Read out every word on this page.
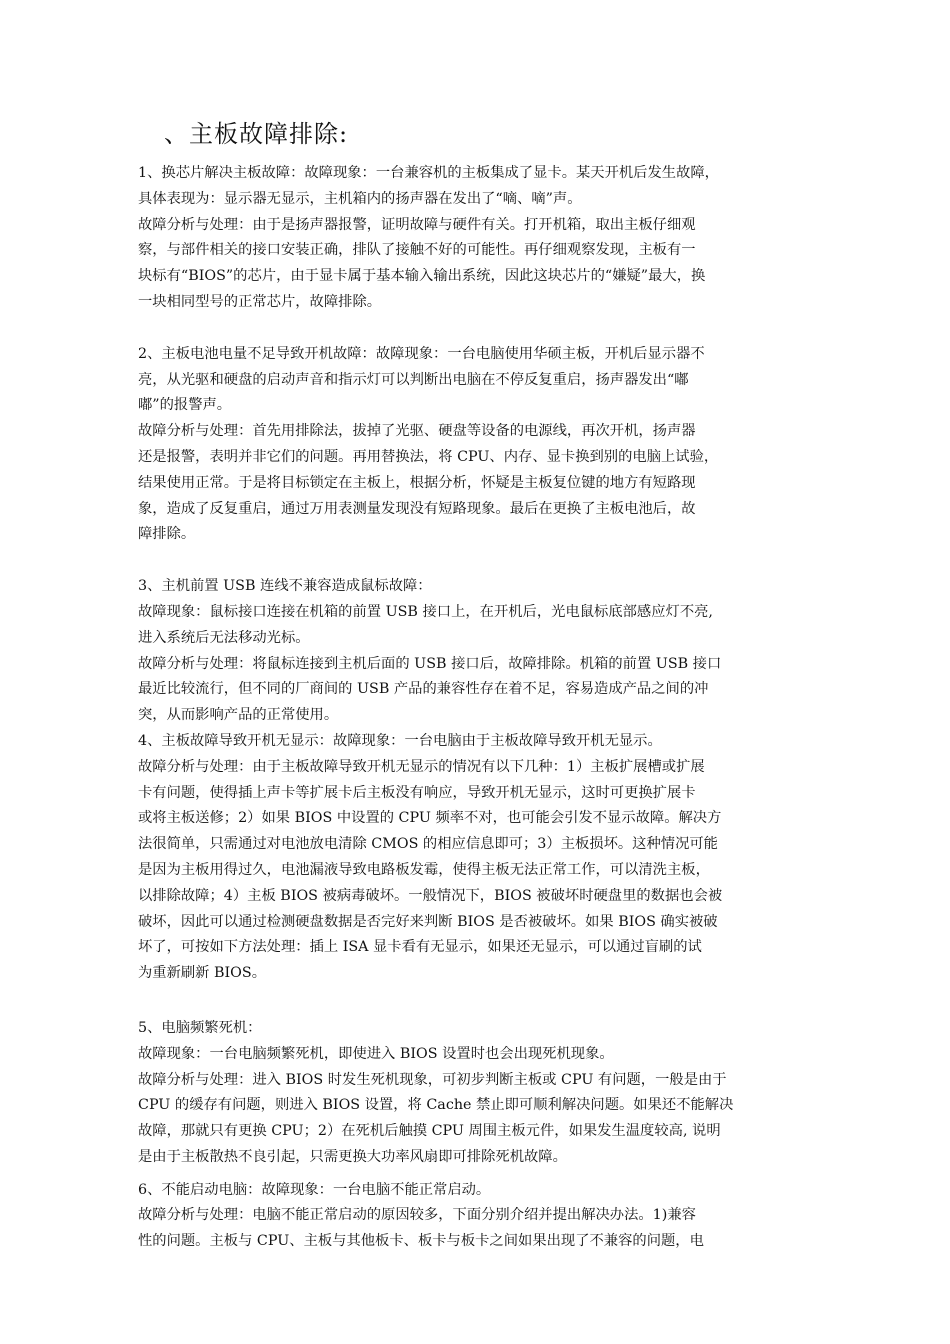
、主板故障排除:
1、换芯片解决主板故障：故障现象：一台兼容机的主板集成了显卡。某天开机后发生故障，
具体表现为：显示器无显示，主机箱内的扬声器在发出了“嘀、嘀”声。
故障分析与处理：由于是扬声器报警，证明故障与硬件有关。打开机箱，取出主板仔细观
察，与部件相关的接口安装正确，排队了接触不好的可能性。再仔细观察发现，主板有一
块标有“BIOS”的芯片，由于显卡属于基本输入输出系统，因此这块芯片的“嫌疑”最大，换
一块相同型号的正常芯片，故障排除。
2、主板电池电量不足导致开机故障：故障现象：一台电脑使用华硕主板，开机后显示器不
亮，从光驱和硬盘的启动声音和指示灯可以判断出电脑在不停反复重启，扬声器发出“嘟
嘟”的报警声。
故障分析与处理：首先用排除法，拔掉了光驱、硬盘等设备的电源线，再次开机，扬声器
还是报警，表明并非它们的问题。再用替换法，将 CPU、内存、显卡换到别的电脑上试验，
结果使用正常。于是将目标锁定在主板上，根据分析，怀疑是主板复位键的地方有短路现
象，造成了反复重启，通过万用表测量发现没有短路现象。最后在更换了主板电池后，故
障排除。
3、主机前置 USB 连线不兼容造成鼠标故障：
故障现象：鼠标接口连接在机箱的前置 USB 接口上，在开机后，光电鼠标底部感应灯不亮,
进入系统后无法移动光标。
故障分析与处理：将鼠标连接到主机后面的 USB 接口后，故障排除。机箱的前置 USB 接口
最近比较流行，但不同的厂商间的 USB 产品的兼容性存在着不足，容易造成产品之间的冲
突，从而影响产品的正常使用。
4、主板故障导致开机无显示：故障现象：一台电脑由于主板故障导致开机无显示。
故障分析与处理：由于主板故障导致开机无显示的情况有以下几种：1）主板扩展槽或扩展
卡有问题，使得插上声卡等扩展卡后主板没有响应，导致开机无显示，这时可更换扩展卡
或将主板送修；2）如果 BIOS 中设置的 CPU 频率不对，也可能会引发不显示故障。解决方
法很简单，只需通过对电池放电清除 CMOS 的相应信息即可；3）主板损坏。这种情况可能
是因为主板用得过久，电池漏液导致电路板发霉，使得主板无法正常工作，可以清洗主板，
以排除故障；4）主板 BIOS 被病毒破坏。一般情况下，BIOS 被破坏时硬盘里的数据也会被
破坏，因此可以通过检测硬盘数据是否完好来判断 BIOS 是否被破坏。如果 BIOS 确实被破
坏了，可按如下方法处理：插上 ISA 显卡看有无显示，如果还无显示，可以通过盲刷的试
为重新刷新 BIOS。
5、电脑频繁死机：
故障现象：一台电脑频繁死机，即使进入 BIOS 设置时也会出现死机现象。
故障分析与处理：进入 BIOS 时发生死机现象，可初步判断主板或 CPU 有问题，一般是由于
CPU 的缓存有问题，则进入 BIOS 设置，将 Cache 禁止即可顺利解决问题。如果还不能解决
故障，那就只有更换 CPU；2）在死机后触摸 CPU 周围主板元件，如果发生温度较高, 说明
是由于主板散热不良引起，只需更换大功率风扇即可排除死机故障。
6、不能启动电脑：故障现象：一台电脑不能正常启动。
故障分析与处理：电脑不能正常启动的原因较多，下面分别介绍并提出解决办法。1)兼容
性的问题。主板与 CPU、主板与其他板卡、板卡与板卡之间如果出现了不兼容的问题，电
